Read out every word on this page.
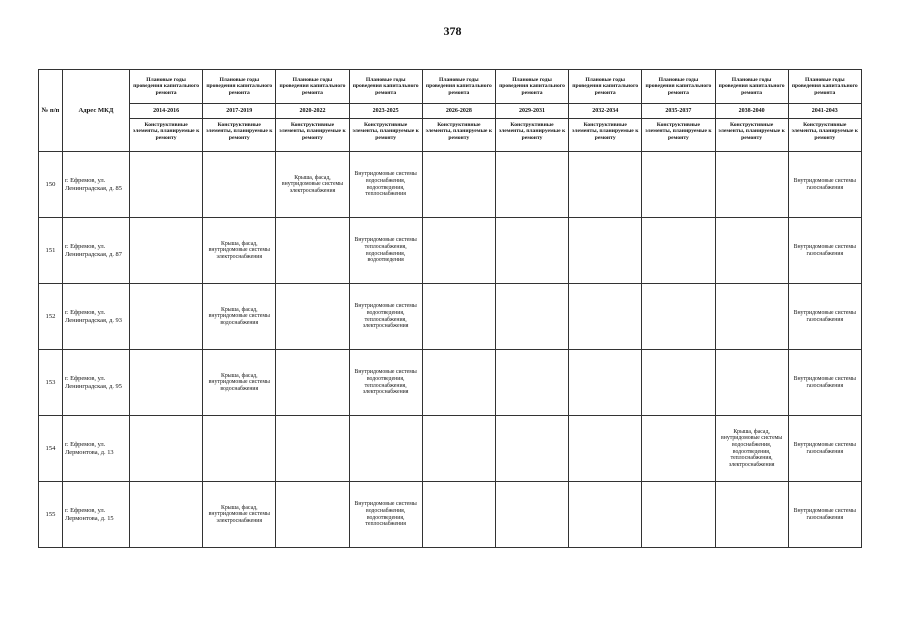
378
№ п/п	Адрес МКД	Плановые годы проведения капитального ремонта	Плановые годы проведения капитального ремонта	Плановые годы проведения капитального ремонта	Плановые годы проведения капитального ремонта	Плановые годы проведения капитального ремонта	Плановые годы проведения капитального ремонта	Плановые годы проведения капитального ремонта	Плановые годы проведения капитального ремонта	Плановые годы проведения капитального ремонта	Плановые годы проведения капитального ремонта
		2014-2016	2017-2019	2020-2022	2023-2025	2026-2028	2029-2031	2032-2034	2035-2037	2038-2040	2041-2043
		Конструктивные элементы, планируемые к ремонту	Конструктивные элементы, планируемые к ремонту	Конструктивные элементы, планируемые к ремонту	Конструктивные элементы, планируемые к ремонту	Конструктивные элементы, планируемые к ремонту	Конструктивные элементы, планируемые к ремонту	Конструктивные элементы, планируемые к ремонту	Конструктивные элементы, планируемые к ремонту	Конструктивные элементы, планируемые к ремонту	Конструктивные элементы, планируемые к ремонту
150	г. Ефремов, ул. Ленинградская, д. 85			Крыша, фасад, внутридомовые системы электроснабжения	Внутридомовые системы водоснабжения, водоотведения, теплоснабжения						Внутридомовые системы газоснабжения
151	г. Ефремов, ул. Ленинградская, д. 87		Крыша, фасад, внутридомовые системы электроснабжения		Внутридомовые системы теплоснабжения, водоснабжения, водоотведения						Внутридомовые системы газоснабжения
152	г. Ефремов, ул. Ленинградская, д. 93		Крыша, фасад, внутридомовые системы водоснабжения		Внутридомовые системы водоотведения, теплоснабжения, электроснабжения						Внутридомовые системы газоснабжения
153	г. Ефремов, ул. Ленинградская, д. 95		Крыша, фасад, внутридомовые системы водоснабжения		Внутридомовые системы водоотведения, теплоснабжения, электроснабжения						Внутридомовые системы газоснабжения
154	г. Ефремов, ул. Лермонтова, д. 13									Крыша, фасад, внутридомовые системы водоснабжения, водоотведения, теплоснабжения, электроснабжения	Внутридомовые системы газоснабжения
155	г. Ефремов, ул. Лермонтова, д. 15		Крыша, фасад, внутридомовые системы электроснабжения		Внутридомовые системы водоснабжения, водоотведения, теплоснабжения						Внутридомовые системы газоснабжения
